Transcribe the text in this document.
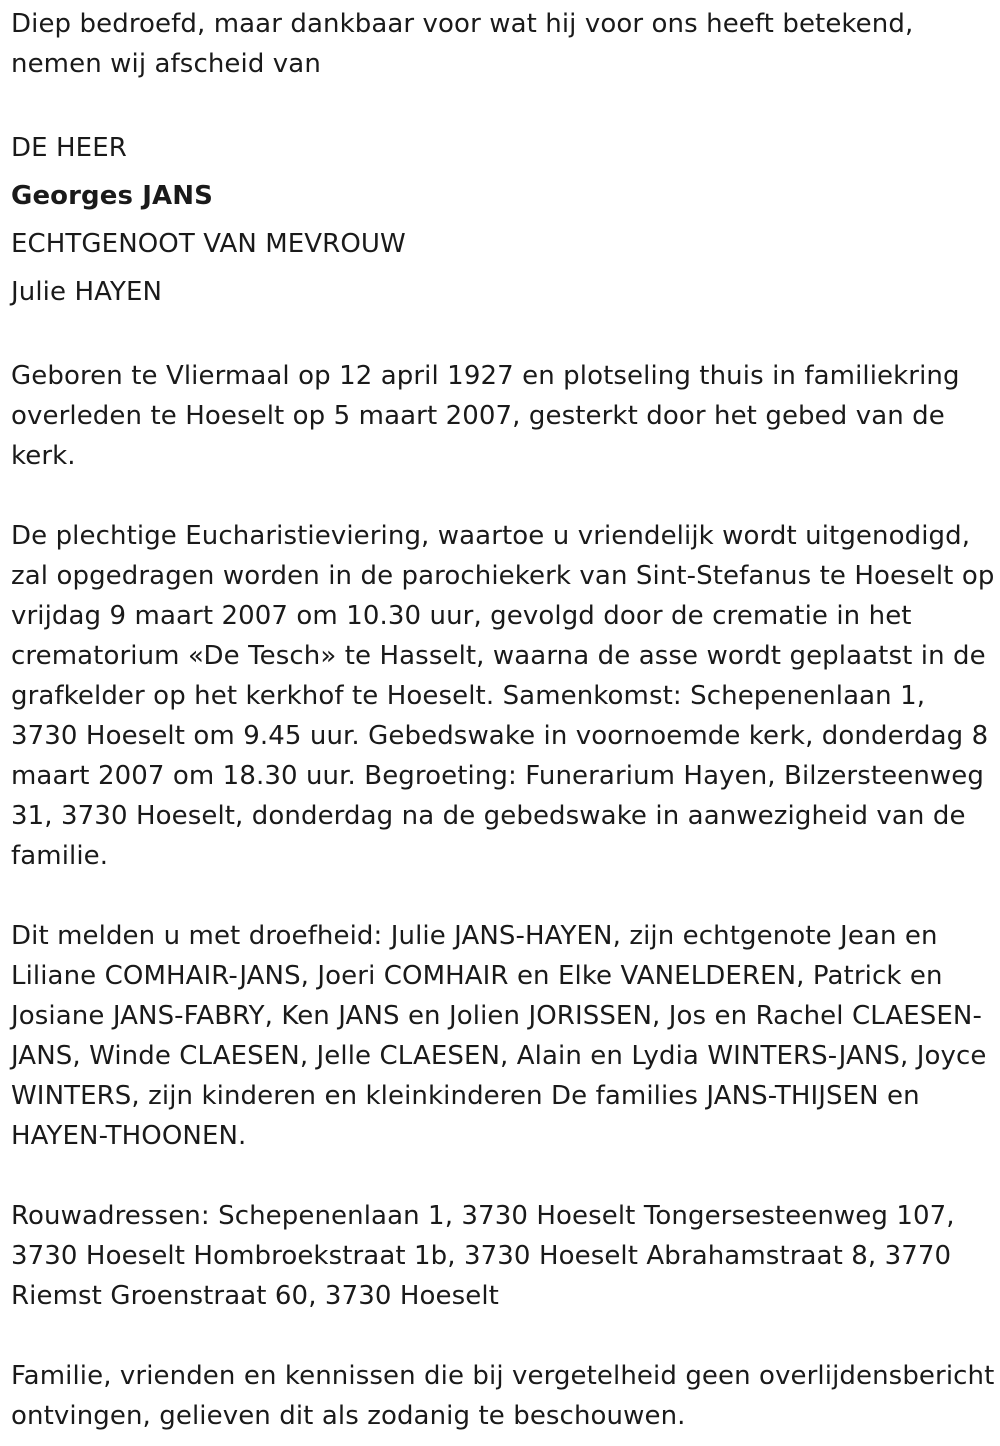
Diep bedroefd, maar dankbaar voor wat hij voor ons heeft betekend, nemen wij afscheid van

DE HEER

Georges JANS

ECHTGENOOT VAN MEVROUW

Julie HAYEN

Geboren te Vliermaal op 12 april 1927 en plotseling thuis in familiekring overleden te Hoeselt op 5 maart 2007, gesterkt door het gebed van de kerk.

De plechtige Eucharistieviering, waartoe u vriendelijk wordt uitgenodigd, zal opgedragen worden in de parochiekerk van Sint-Stefanus te Hoeselt op vrijdag 9 maart 2007 om 10.30 uur, gevolgd door de crematie in het crematorium «De Tesch» te Hasselt, waarna de asse wordt geplaatst in de grafkelder op het kerkhof te Hoeselt. Samenkomst: Schepenenlaan 1, 3730 Hoeselt om 9.45 uur. Gebedswake in voornoemde kerk, donderdag 8 maart 2007 om 18.30 uur. Begroeting: Funerarium Hayen, Bilzersteenweg 31, 3730 Hoeselt, donderdag na de gebedswake in aanwezigheid van de familie.

Dit melden u met droefheid: Julie JANS-HAYEN, zijn echtgenote Jean en Liliane COMHAIR-JANS, Joeri COMHAIR en Elke VANELDEREN, Patrick en Josiane JANS-FABRY, Ken JANS en Jolien JORISSEN, Jos en Rachel CLAESEN-JANS, Winde CLAESEN, Jelle CLAESEN, Alain en Lydia WINTERS-JANS, Joyce WINTERS, zijn kinderen en kleinkinderen De families JANS-THIJSEN en HAYEN-THOONEN.

Rouwadressen: Schepenenlaan 1, 3730 Hoeselt Tongersesteenweg 107, 3730 Hoeselt Hombroekstraat 1b, 3730 Hoeselt Abrahamstraat 8, 3770 Riemst Groenstraat 60, 3730 Hoeselt

Familie, vrienden en kennissen die bij vergetelheid geen overlijdensbericht ontvingen, gelieven dit als zodanig te beschouwen.
